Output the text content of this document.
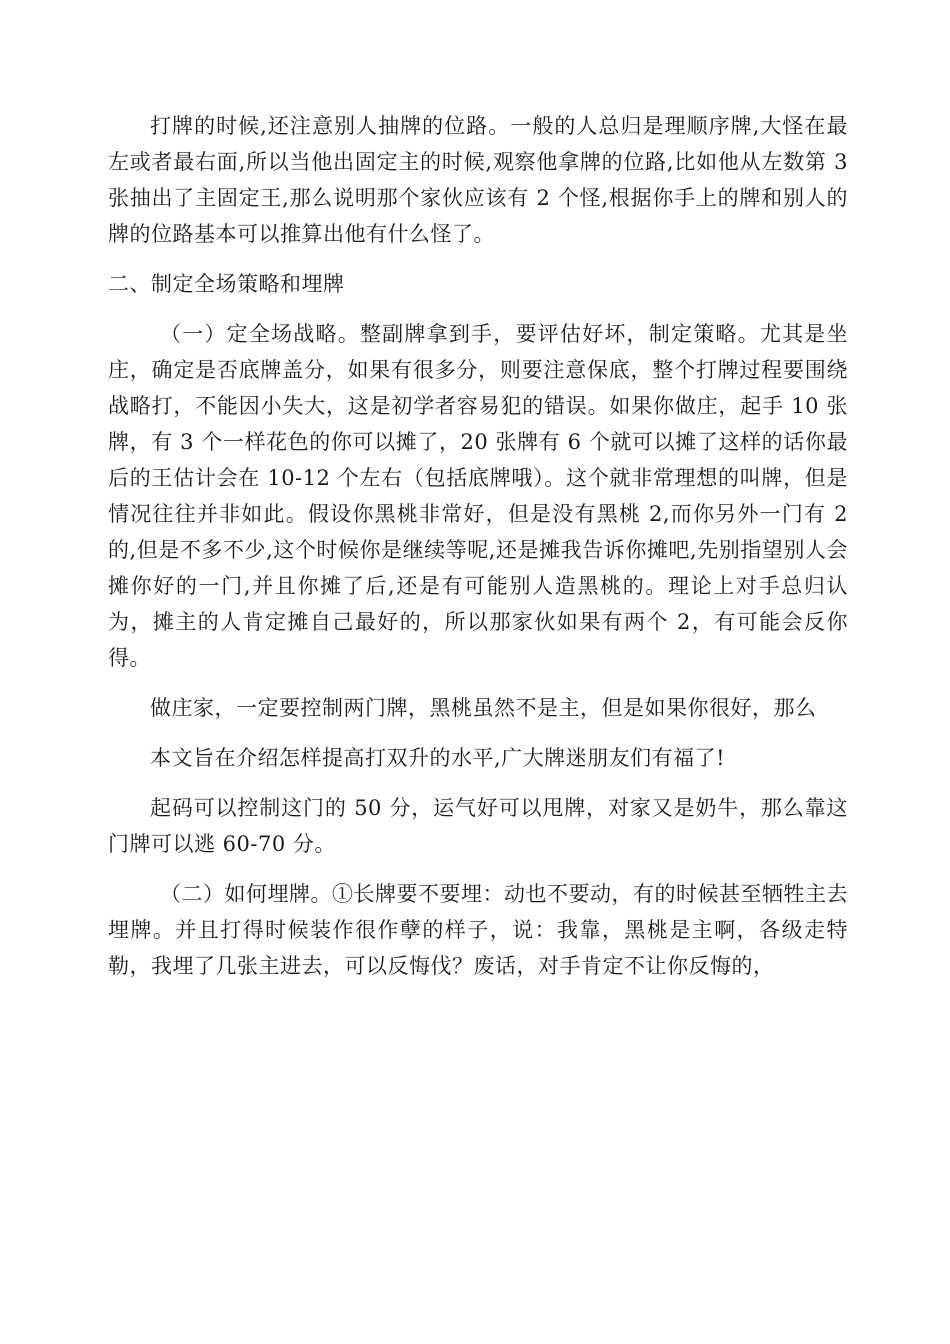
打牌的时候,还注意别人抽牌的位路。一般的人总归是理顺序牌,大怪在最左或者最右面,所以当他出固定主的时候,观察他拿牌的位路,比如他从左数第 3 张抽出了主固定王,那么说明那个家伙应该有 2 个怪,根据你手上的牌和别人的牌的位路基本可以推算出他有什么怪了。

二、制定全场策略和埋牌

（一）定全场战略。整副牌拿到手，要评估好坏，制定策略。尤其是坐庄，确定是否底牌盖分，如果有很多分，则要注意保底，整个打牌过程要围绕战略打，不能因小失大，这是初学者容易犯的错误。如果你做庄，起手 10 张牌，有 3 个一样花色的你可以摊了，20 张牌有 6 个就可以摊了这样的话你最后的王估计会在 10-12 个左右（包括底牌哦）。这个就非常理想的叫牌，但是情况往往并非如此。假设你黑桃非常好，但是没有黑桃 2,而你另外一门有 2 的,但是不多不少,这个时候你是继续等呢,还是摊我告诉你摊吧,先别指望别人会摊你好的一门,并且你摊了后,还是有可能别人造黑桃的。理论上对手总归认为，摊主的人肯定摊自己最好的，所以那家伙如果有两个 2，有可能会反你得。

做庄家，一定要控制两门牌，黑桃虽然不是主，但是如果你很好，那么

本文旨在介绍怎样提高打双升的水平,广大牌迷朋友们有福了!

起码可以控制这门的 50 分，运气好可以甩牌，对家又是奶牛，那么靠这门牌可以逃 60-70 分。

（二）如何埋牌。①长牌要不要埋：动也不要动，有的时候甚至牺牲主去埋牌。并且打得时候装作很作孽的样子，说：我靠，黑桃是主啊，各级走特勒，我埋了几张主进去，可以反悔伐？废话，对手肯定不让你反悔的，
